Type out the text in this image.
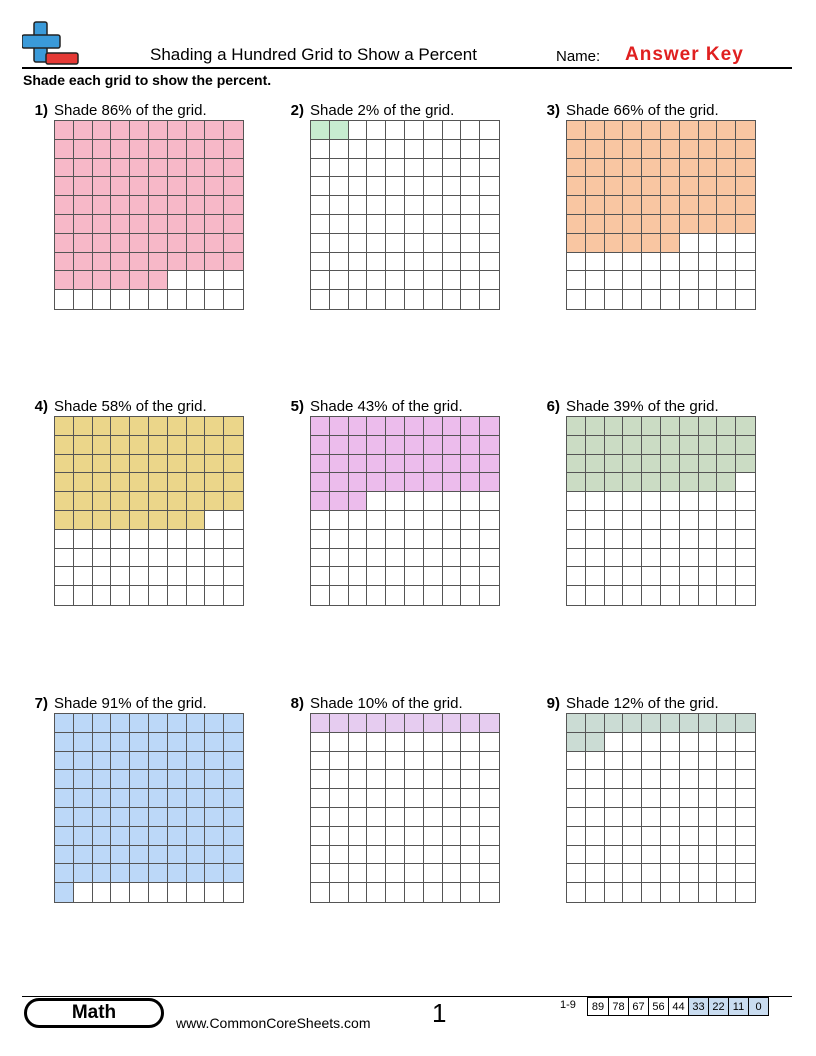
Shading a Hundred Grid to Show a Percent	Name: Answer Key
Shade each grid to show the percent.
1) Shade 86% of the grid.	2) Shade 2% of the grid.	3) Shade 66% of the grid.
4) Shade 58% of the grid.	5) Shade 43% of the grid.	6) Shade 39% of the grid.
7) Shade 91% of the grid.	8) Shade 10% of the grid.	9) Shade 12% of the grid.
Math	www.CommonCoreSheets.com 1	1-9	89 78 67 56 44 33 22 11	0
